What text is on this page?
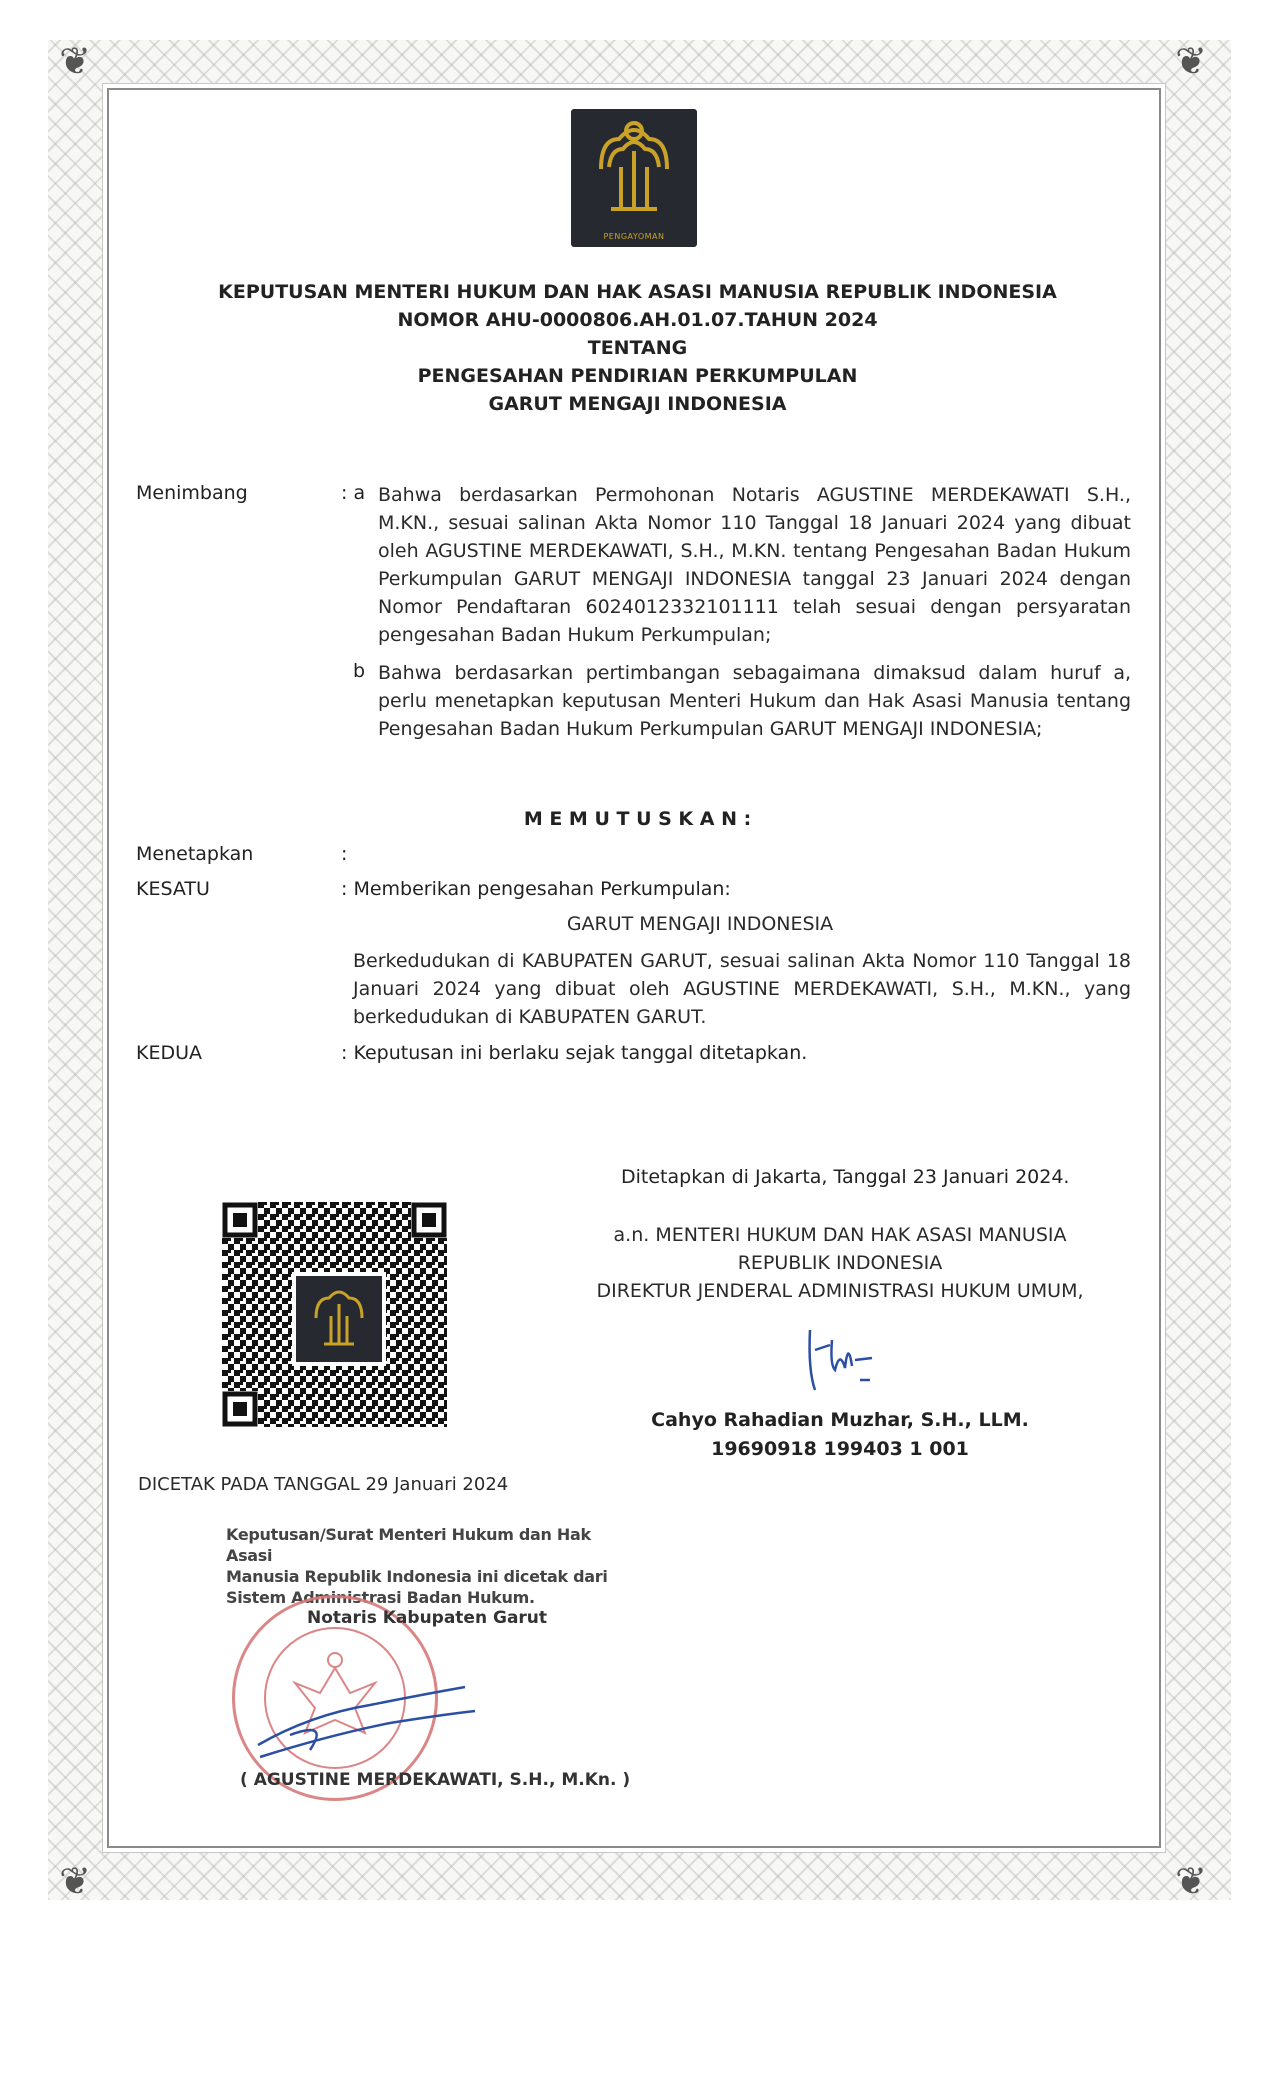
❦	❦
❦	❦
PENGAYOMAN
KEPUTUSAN MENTERI HUKUM DAN HAK ASASI MANUSIA REPUBLIK INDONESIA
NOMOR AHU-0000806.AH.01.07.TAHUN 2024
TENTANG
PENGESAHAN PENDIRIAN PERKUMPULAN
GARUT MENGAJI INDONESIA
Menimbang	: a Bahwa berdasarkan Permohonan Notaris AGUSTINE MERDEKAWATI S.H., M.KN., sesuai salinan Akta Nomor 110 Tanggal 18 Januari 2024 yang dibuat oleh AGUSTINE MERDEKAWATI, S.H., M.KN. tentang Pengesahan Badan Hukum Perkumpulan GARUT MENGAJI INDONESIA tanggal 23 Januari 2024 dengan Nomor Pendaftaran 6024012332101111 telah sesuai dengan persyaratan pengesahan Badan Hukum Perkumpulan;
b Bahwa berdasarkan pertimbangan sebagaimana dimaksud dalam huruf a, perlu menetapkan keputusan Menteri Hukum dan Hak Asasi Manusia tentang Pengesahan Badan Hukum Perkumpulan GARUT MENGAJI INDONESIA;
M E M U T U S K A N :
Menetapkan	:
KESATU	: Memberikan pengesahan Perkumpulan:
GARUT MENGAJI INDONESIA
Berkedudukan di KABUPATEN GARUT, sesuai salinan Akta Nomor 110 Tanggal 18 Januari 2024 yang dibuat oleh AGUSTINE MERDEKAWATI, S.H., M.KN., yang berkedudukan di KABUPATEN GARUT.
KEDUA	: Keputusan ini berlaku sejak tanggal ditetapkan.
Ditetapkan di Jakarta, Tanggal 23 Januari 2024.
a.n. MENTERI HUKUM DAN HAK ASASI MANUSIA
REPUBLIK INDONESIA
DIREKTUR JENDERAL ADMINISTRASI HUKUM UMUM,
Cahyo Rahadian Muzhar, S.H., LLM.
19690918 199403 1 001
DICETAK PADA TANGGAL 29 Januari 2024
Keputusan/Surat Menteri Hukum dan Hak Asasi
Manusia Republik Indonesia ini dicetak dari
Sistem Administrasi Badan Hukum.
Notaris Kabupaten Garut
( AGUSTINE MERDEKAWATI, S.H., M.Kn. )
